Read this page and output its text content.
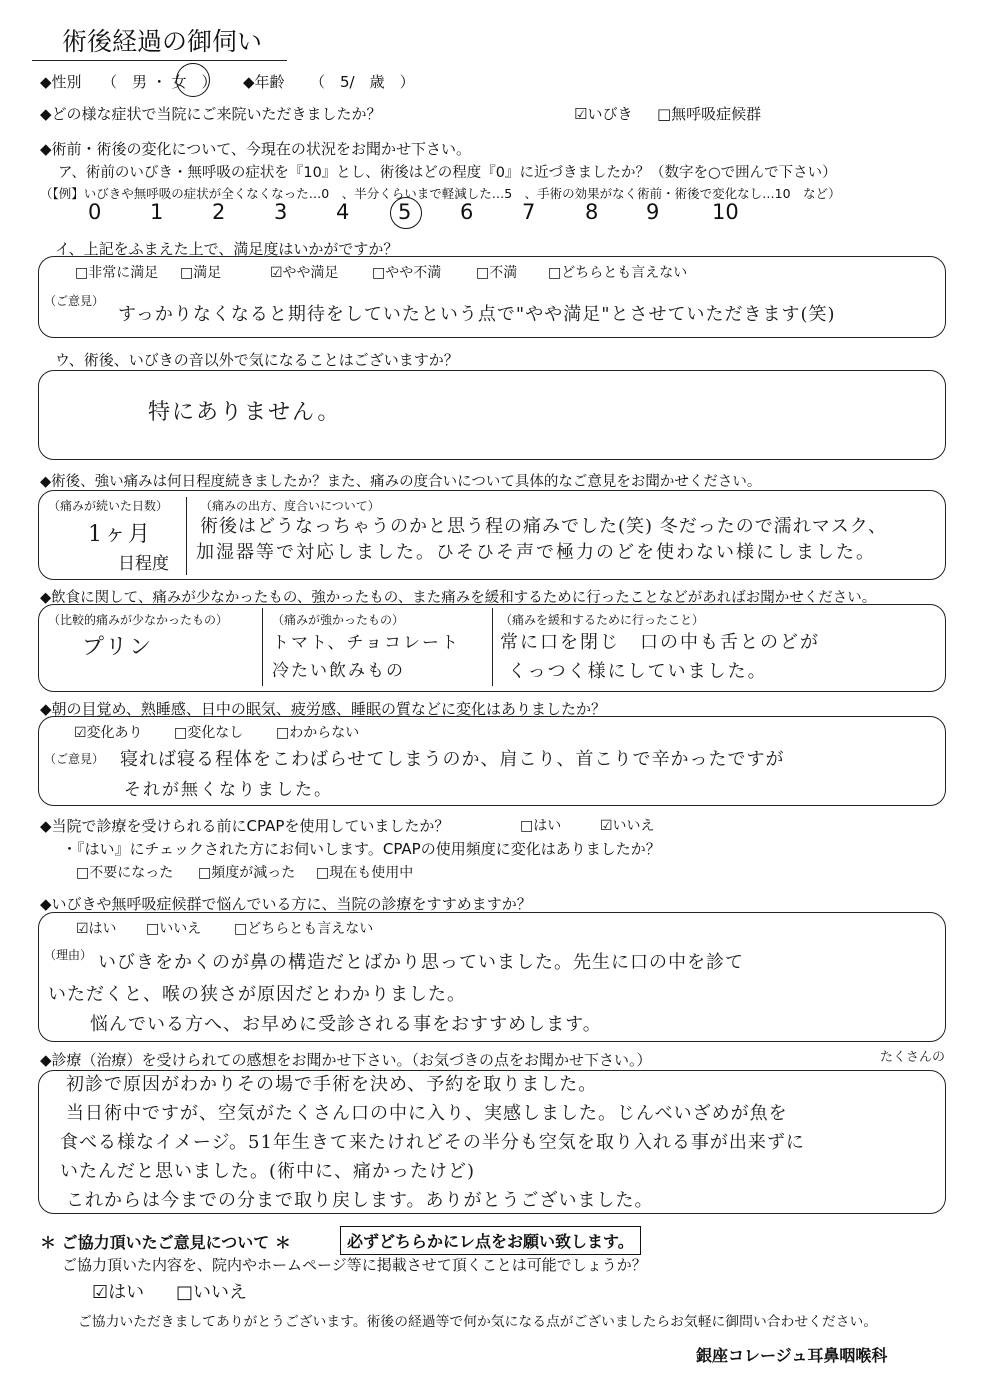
術後経過の御伺い
◆性別 （　男 ・ 女　） ◆年齢 （　5/　歳　）
◆どの様な症状で当院にご来院いただきましたか？	☑いびき □無呼吸症候群
◆術前・術後の変化について、今現在の状況をお聞かせ下さい。
ア、術前のいびき・無呼吸の症状を『10』とし、術後はどの程度『0』に近づきましたか？（数字を○で囲んで下さい）
（【例】いびきや無呼吸の症状が全くなくなった…0　、半分くらいまで軽減した…5　、手術の効果がなく術前・術後で変化なし…10　など）
0 1 2 3 4 5 6 7 8 9	10
イ、上記をふまえた上で、満足度はいかがですか？
□非常に満足 □満足	☑やや満足 □やや不満 □不満 □どちらとも言えない
（ご意見）
すっかりなくなると期待をしていたという点で"やや満足"とさせていただきます(笑)
ウ、術後、いびきの音以外で気になることはございますか？
特にありません。
◆術後、強い痛みは何日程度続きましたか？また、痛みの度合いについて具体的なご意見をお聞かせください。
（痛みが続いた日数）
1ヶ月
日程度
（痛みの出方、度合いについて）
術後はどうなっちゃうのかと思う程の痛みでした(笑) 冬だったので濡れマスク、
加湿器等で対応しました。ひそひそ声で極力のどを使わない様にしました。
◆飲食に関して、痛みが少なかったもの、強かったもの、また痛みを緩和するために行ったことなどがあればお聞かせください。
（比較的痛みが少なかったもの）
プリン
（痛みが強かったもの）
トマト、チョコレート
冷たい飲みもの
（痛みを緩和するために行ったこと）
常に口を閉じ　口の中も舌とのどが
くっつく様にしていました。
◆朝の目覚め、熟睡感、日中の眠気、疲労感、睡眠の質などに変化はありましたか？
☑変化あり □変化なし □わからない
（ご意見） 寝れば寝る程体をこわばらせてしまうのか、肩こり、首こりで辛かったですが
それが無くなりました。
◆当院で診療を受けられる前にCPAPを使用していましたか？	□はい	☑いいえ
・『はい』にチェックされた方にお伺いします。CPAPの使用頻度に変化はありましたか？
□不要になった □頻度が減った □現在も使用中
◆いびきや無呼吸症候群で悩んでいる方に、当院の診療をすすめますか？
☑はい □いいえ □どちらとも言えない
（理由） いびきをかくのが鼻の構造だとばかり思っていました。先生に口の中を診て
いただくと、喉の狭さが原因だとわかりました。
悩んでいる方へ、お早めに受診される事をおすすめします。
◆診療（治療）を受けられての感想をお聞かせ下さい。（お気づきの点をお聞かせ下さい。）	たくさんの
初診で原因がわかりその場で手術を決め、予約を取りました。
当日術中ですが、空気がたくさん口の中に入り、実感しました。じんべいざめが魚を
食べる様なイメージ。51年生きて来たけれどその半分も空気を取り入れる事が出来ずに
いたんだと思いました。(術中に、痛かったけど)
これからは今までの分まで取り戻します。ありがとうございました。
＊ ご協力頂いたご意見について ＊	必ずどちらかにレ点をお願い致します。
ご協力頂いた内容を、院内やホームページ等に掲載させて頂くことは可能でしょうか？
☑はい □いいえ
ご協力いただきましてありがとうございます。術後の経過等で何か気になる点がございましたらお気軽に御問い合わせください。
銀座コレージュ耳鼻咽喉科
